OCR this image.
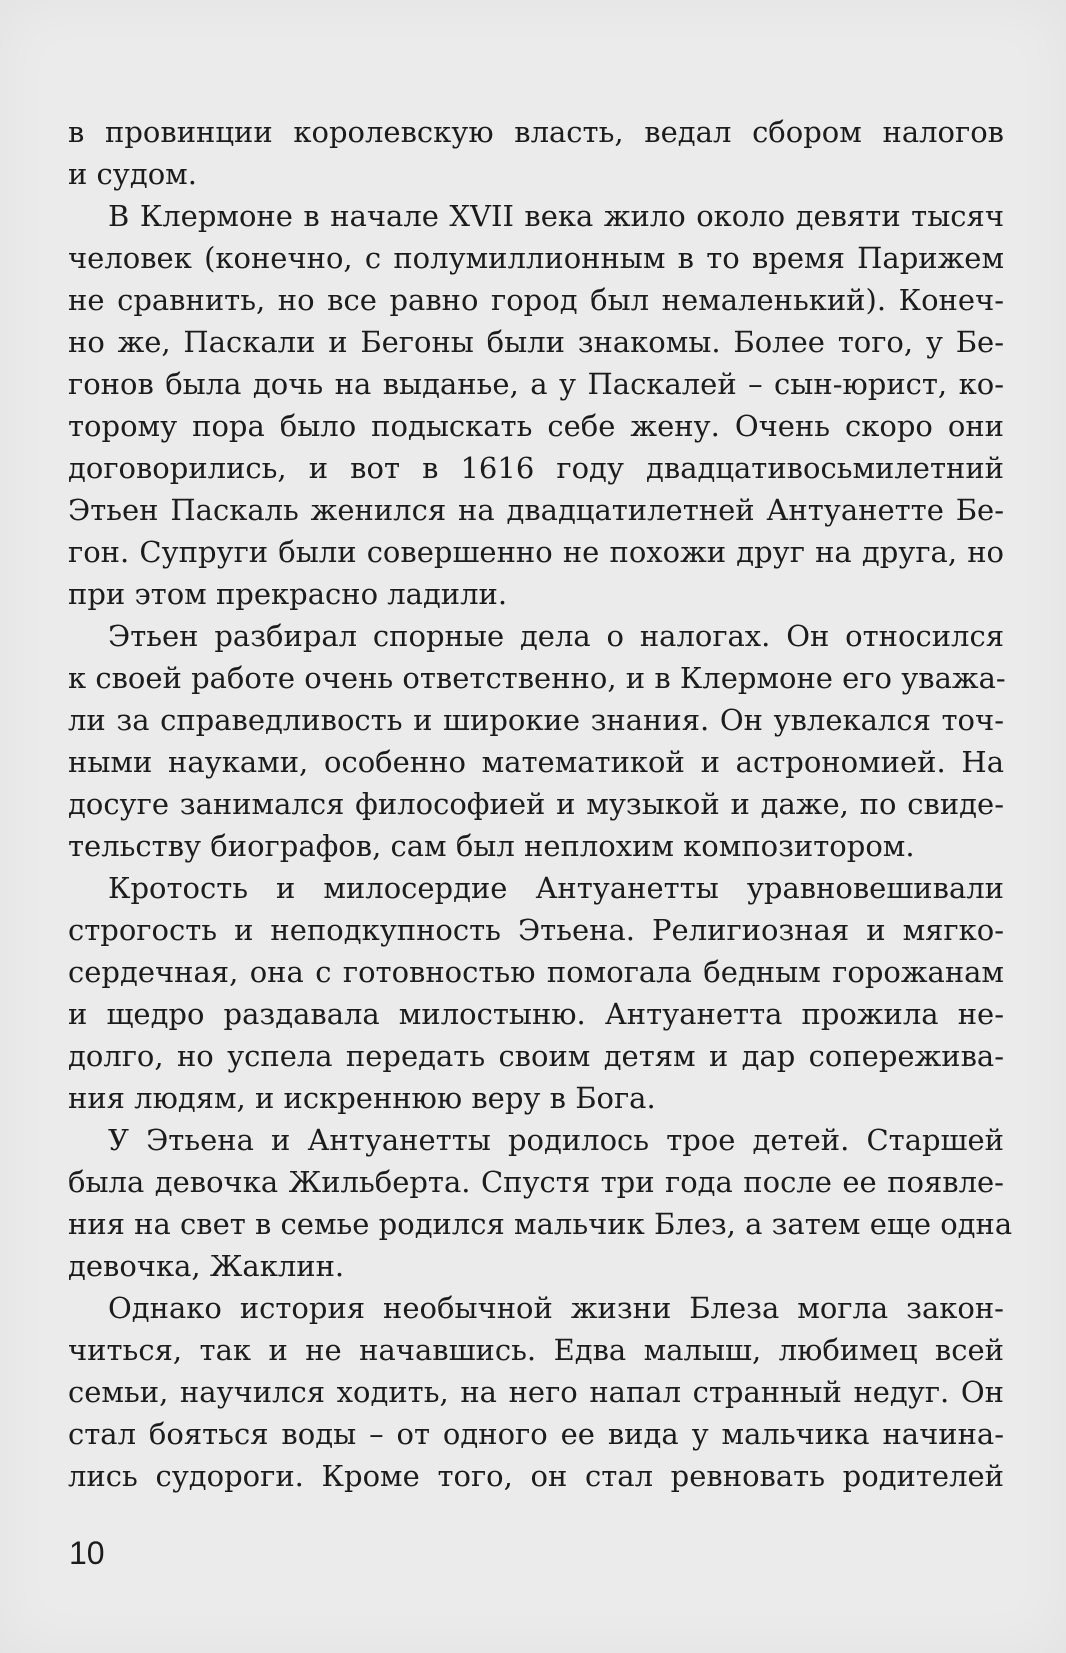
в провинции королевскую власть, ведал сбором налогов
и судом.
В Клермоне в начале XVII века жило около девяти тысяч
человек (конечно, с полумиллионным в то время Парижем
не сравнить, но все равно город был немаленький). Конеч-
но же, Паскали и Бегоны были знакомы. Более того, у Бе-
гонов была дочь на выданье, а у Паскалей – сын-юрист, ко-
торому пора было подыскать себе жену. Очень скоро они
договорились, и вот в 1616 году двадцативосьмилетний
Этьен Паскаль женился на двадцатилетней Антуанетте Бе-
гон. Супруги были совершенно не похожи друг на друга, но
при этом прекрасно ладили.
Этьен разбирал спорные дела о налогах. Он относился
к своей работе очень ответственно, и в Клермоне его уважа-
ли за справедливость и широкие знания. Он увлекался точ-
ными науками, особенно математикой и астрономией. На
досуге занимался философией и музыкой и даже, по свиде-
тельству биографов, сам был неплохим композитором.
Кротость и милосердие Антуанетты уравновешивали
строгость и неподкупность Этьена. Религиозная и мягко-
сердечная, она с готовностью помогала бедным горожанам
и щедро раздавала милостыню. Антуанетта прожила не-
долго, но успела передать своим детям и дар сопережива-
ния людям, и искреннюю веру в Бога.
У Этьена и Антуанетты родилось трое детей. Старшей
была девочка Жильберта. Спустя три года после ее появле-
ния на свет в семье родился мальчик Блез, а затем еще одна
девочка, Жаклин.
Однако история необычной жизни Блеза могла закон-
читься, так и не начавшись. Едва малыш, любимец всей
семьи, научился ходить, на него напал странный недуг. Он
стал бояться воды – от одного ее вида у мальчика начина-
лись судороги. Кроме того, он стал ревновать родителей
10
